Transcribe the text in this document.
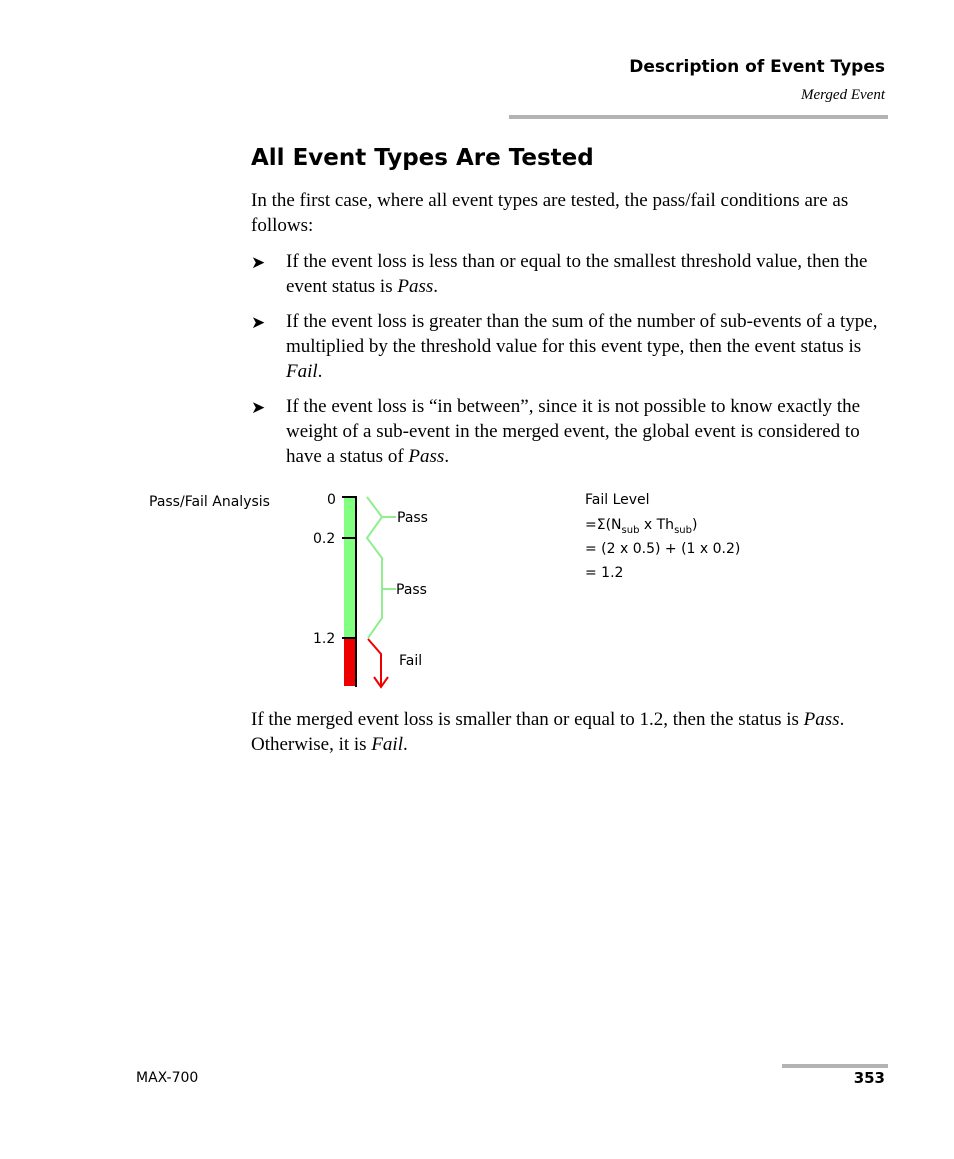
Description of Event Types
Merged Event
All Event Types Are Tested

In the first case, where all event types are tested, the pass/fail conditions are as follows:

➤ If the event loss is less than or equal to the smallest threshold value, then the event status is Pass.
➤ If the event loss is greater than the sum of the number of sub-events of a type, multiplied by the threshold value for this event type, then the event status is Fail.
➤ If the event loss is “in between”, since it is not possible to know exactly the weight of a sub-event in the merged event, the global event is considered to have a status of Pass.
Pass/Fail Analysis	0
0.2
1.2
Pass
Pass
Fail
Fail Level
$=\Sigma(N_{sub}$ x $Th_{sub}$)
= (2 x 0.5) + (1 x 0.2)
= 1.2

If the merged event loss is smaller than or equal to 1.2, then the status is Pass. Otherwise, it is Fail.

MAX-700	353
